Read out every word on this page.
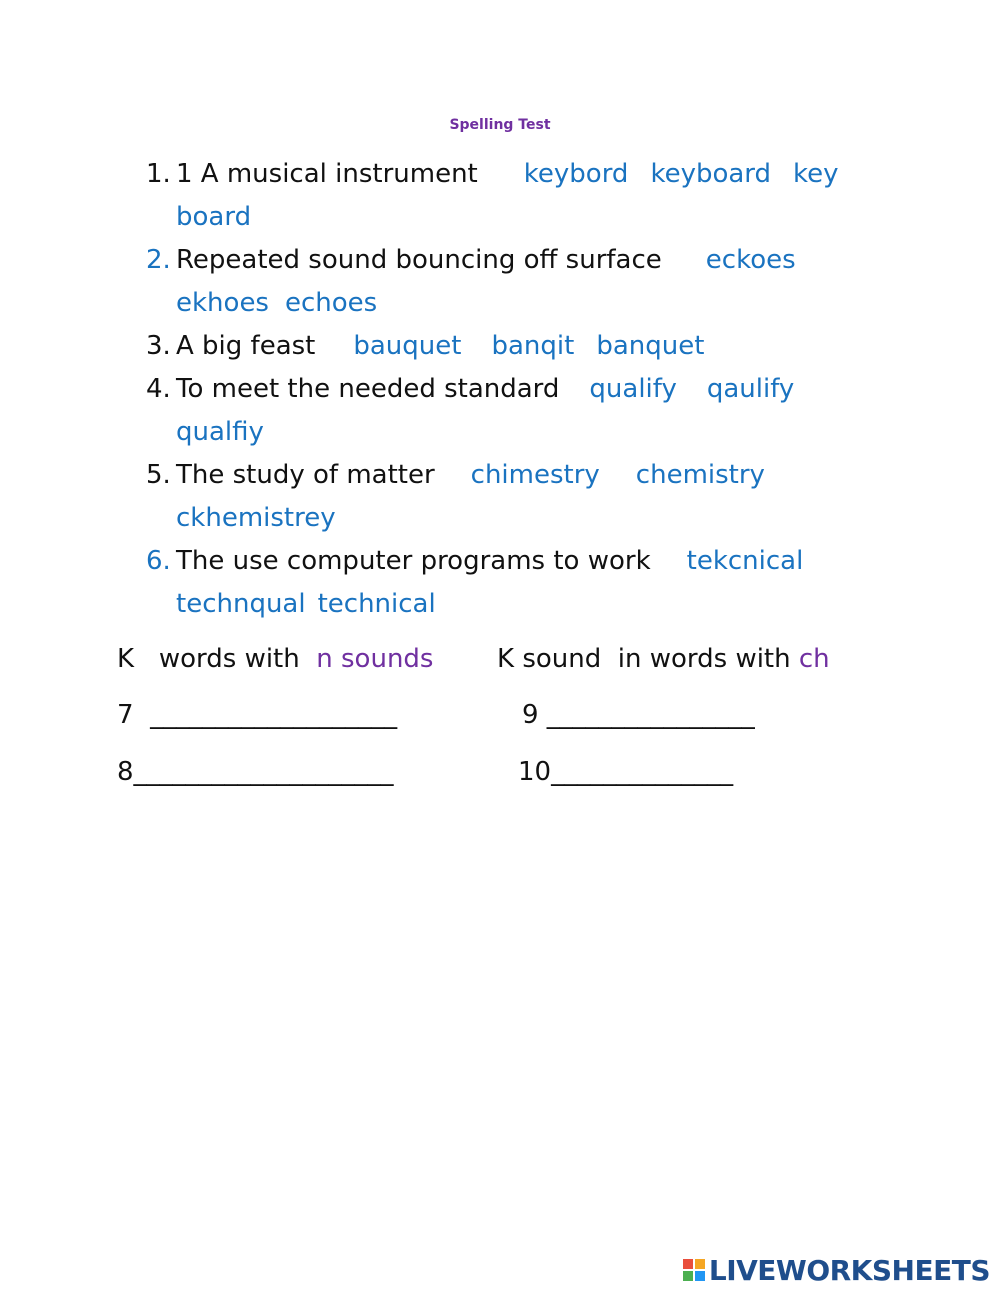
Spelling Test
1. 1 A musical instrument keybord keyboard key board
2. Repeated sound bouncing off surface eckoes
ekhoes echoes
3. A big feast bauquet banqit banquet
4. To meet the needed standard qualify qaulify
qualfiy
5. The study of matter chimestry chemistry
ckhemistrey
6. The use computer programs to work tekcnical
technqual technical
K   words with n sounds K sound  in words with ch
7  ___________________	9 ________________
8____________________	10______________
LIVEWORKSHEETS
